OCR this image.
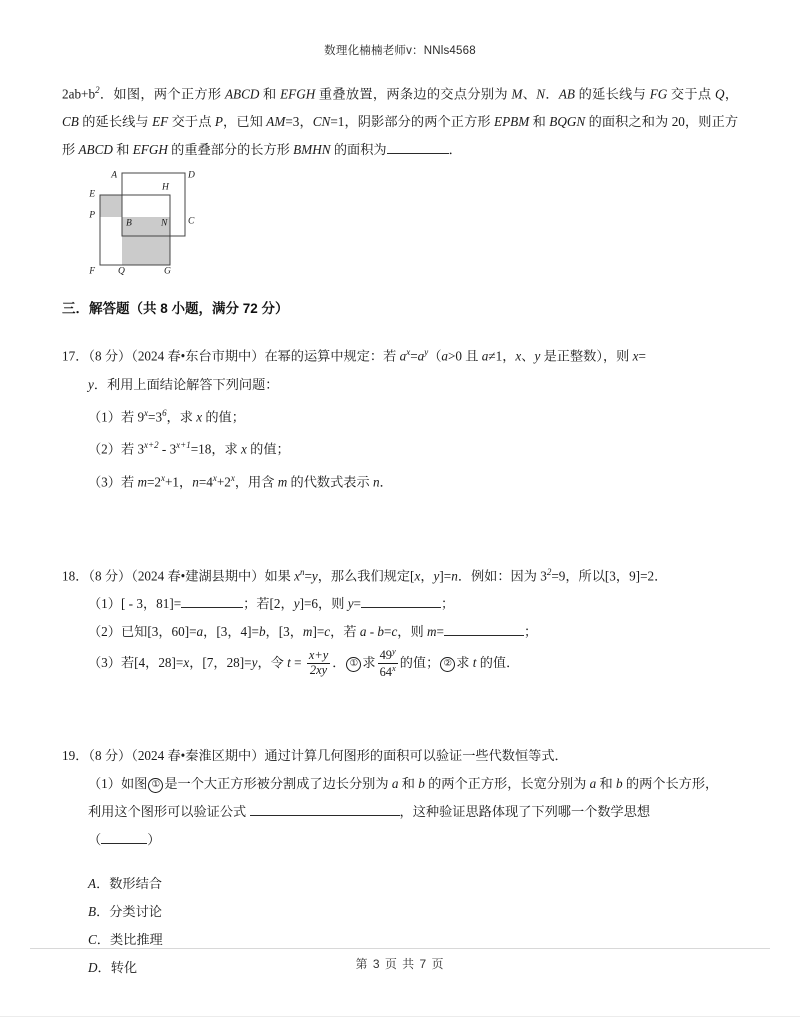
数理化楠楠老师v：NNls4568

$2ab+b^2$．如图，两个正方形 ABCD 和 EFGH 重叠放置，两条边的交点分别为 M、N．AB 的延长线与 FG 交于点 Q，CB 的延长线与 EF 交于点 P，已知 AM=3，CN=1，阴影部分的两个正方形 EPBM 和 BQGN 的面积之和为 20，则正方形 ABCD 和 EFGH 的重叠部分的长方形 BMHN 的面积为	．

A	D
E
H
P
B	N C
F Q	G

三．解答题（共 8 小题，满分 72 分）

17．（8 分）（2024 春•东台市期中）在幂的运算中规定：若 $a^x=a^y(a>0$ 且 a≠1，x、y 是正整数），则 x=

y．利用上面结论解答下列问题：

（1）若 $9^x=3^6$，求 x 的值；

（2）若 $3^{x+2} - 3^{x+1}=18$，求 x 的值；

（3）若 $m=2^x+1$，$n=4^x+2^x$，用含 m 的代数式表示 n．

18．（8 分）（2024 春•建湖县期中）如果 $x^n=y$，那么我们规定[x，y]=n．例如：因为 $3^2=9$，所以[3，9]=2．

（1）[ - 3，81]=	；若[2，y]=6，则 y=	；

（2）已知[3，60]=a，[3，4]=b，[3，m]=c，若 a - b=c，则 m=	；

（3）若[4，28]=x，[7，28]=y，令 $t = \frac{x+y}{2xy}$ ． ① 求 $\frac{49^y}{64^x}$ 的值； ② 求 t 的值．

19．（8 分）（2024 春•秦淮区期中）通过计算几何图形的面积可以验证一些代数恒等式．

（1）如图 ① 是一个大正方形被分割成了边长分别为 a 和 b 的两个正方形，长宽分别为 a 和 b 的两个长方形，

利用这个图形可以验证公式	，这种验证思路体现了下列哪一个数学思想

（	）

A．数形结合

B．分类讨论

C．类比推理

D．转化	第 3 页 共 7 页
